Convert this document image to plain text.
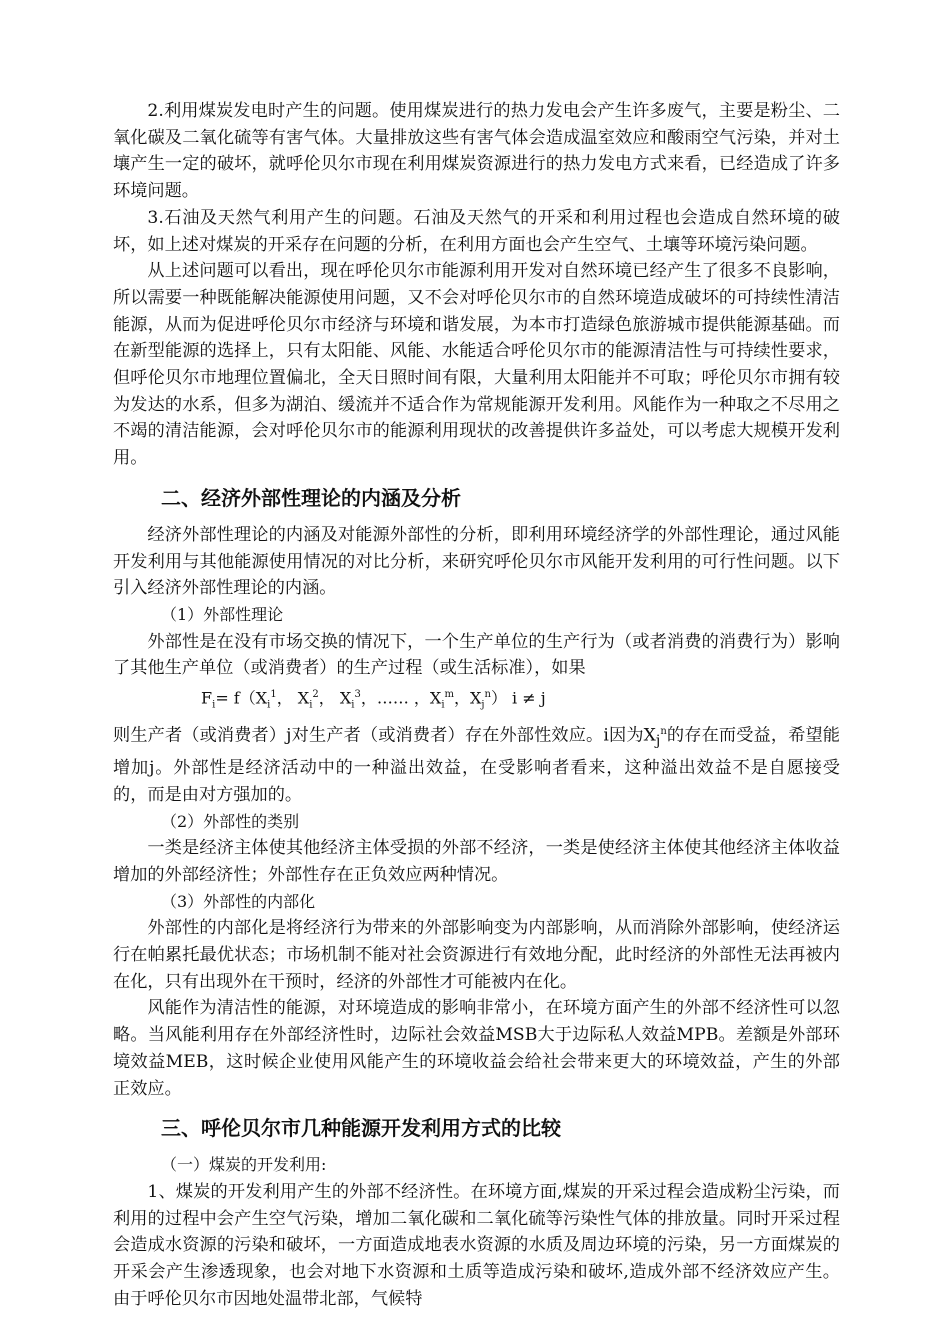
2.利用煤炭发电时产生的问题。使用煤炭进行的热力发电会产生许多废气，主要是粉尘、二氧化碳及二氧化硫等有害气体。大量排放这些有害气体会造成温室效应和酸雨空气污染，并对土壤产生一定的破坏，就呼伦贝尔市现在利用煤炭资源进行的热力发电方式来看，已经造成了许多环境问题。

3.石油及天然气利用产生的问题。石油及天然气的开采和利用过程也会造成自然环境的破坏，如上述对煤炭的开采存在问题的分析，在利用方面也会产生空气、土壤等环境污染问题。

从上述问题可以看出，现在呼伦贝尔市能源利用开发对自然环境已经产生了很多不良影响，所以需要一种既能解决能源使用问题，又不会对呼伦贝尔市的自然环境造成破坏的可持续性清洁能源，从而为促进呼伦贝尔市经济与环境和谐发展，为本市打造绿色旅游城市提供能源基础。而在新型能源的选择上，只有太阳能、风能、水能适合呼伦贝尔市的能源清洁性与可持续性要求，但呼伦贝尔市地理位置偏北，全天日照时间有限，大量利用太阳能并不可取；呼伦贝尔市拥有较为发达的水系，但多为湖泊、缓流并不适合作为常规能源开发利用。风能作为一种取之不尽用之不竭的清洁能源，会对呼伦贝尔市的能源利用现状的改善提供许多益处，可以考虑大规模开发利用。

二、经济外部性理论的内涵及分析

经济外部性理论的内涵及对能源外部性的分析，即利用环境经济学的外部性理论，通过风能开发利用与其他能源使用情况的对比分析，来研究呼伦贝尔市风能开发利用的可行性问题。以下引入经济外部性理论的内涵。

（1）外部性理论

外部性是在没有市场交换的情况下，一个生产单位的生产行为（或者消费的消费行为）影响了其他生产单位（或消费者）的生产过程（或生活标准），如果

$F_i= f(X_i^1$， $X_i^2$， $X_i^3$，…… ，$X_i^m$，$X_j^n$） i ≠ j

则生产者（或消费者）j对生产者（或消费者）存在外部性效应。i因为$X_j^n$的存在而受益，希望能增加j。外部性是经济活动中的一种溢出效益，在受影响者看来，这种溢出效益不是自愿接受的，而是由对方强加的。

（2）外部性的类别

一类是经济主体使其他经济主体受损的外部不经济，一类是使经济主体使其他经济主体收益增加的外部经济性；外部性存在正负效应两种情况。

（3）外部性的内部化

外部性的内部化是将经济行为带来的外部影响变为内部影响，从而消除外部影响，使经济运行在帕累托最优状态；市场机制不能对社会资源进行有效地分配，此时经济的外部性无法再被内在化，只有出现外在干预时，经济的外部性才可能被内在化。

风能作为清洁性的能源，对环境造成的影响非常小，在环境方面产生的外部不经济性可以忽略。当风能利用存在外部经济性时，边际社会效益MSB大于边际私人效益MPB。差额是外部环境效益MEB，这时候企业使用风能产生的环境收益会给社会带来更大的环境效益，产生的外部正效应。

三、呼伦贝尔市几种能源开发利用方式的比较

（一）煤炭的开发利用:

1、煤炭的开发利用产生的外部不经济性。在环境方面,煤炭的开采过程会造成粉尘污染，而利用的过程中会产生空气污染，增加二氧化碳和二氧化硫等污染性气体的排放量。同时开采过程会造成水资源的污染和破坏，一方面造成地表水资源的水质及周边环境的污染，另一方面煤炭的开采会产生渗透现象，也会对地下水资源和土质等造成污染和破坏,造成外部不经济效应产生。由于呼伦贝尔市因地处温带北部，气候特
